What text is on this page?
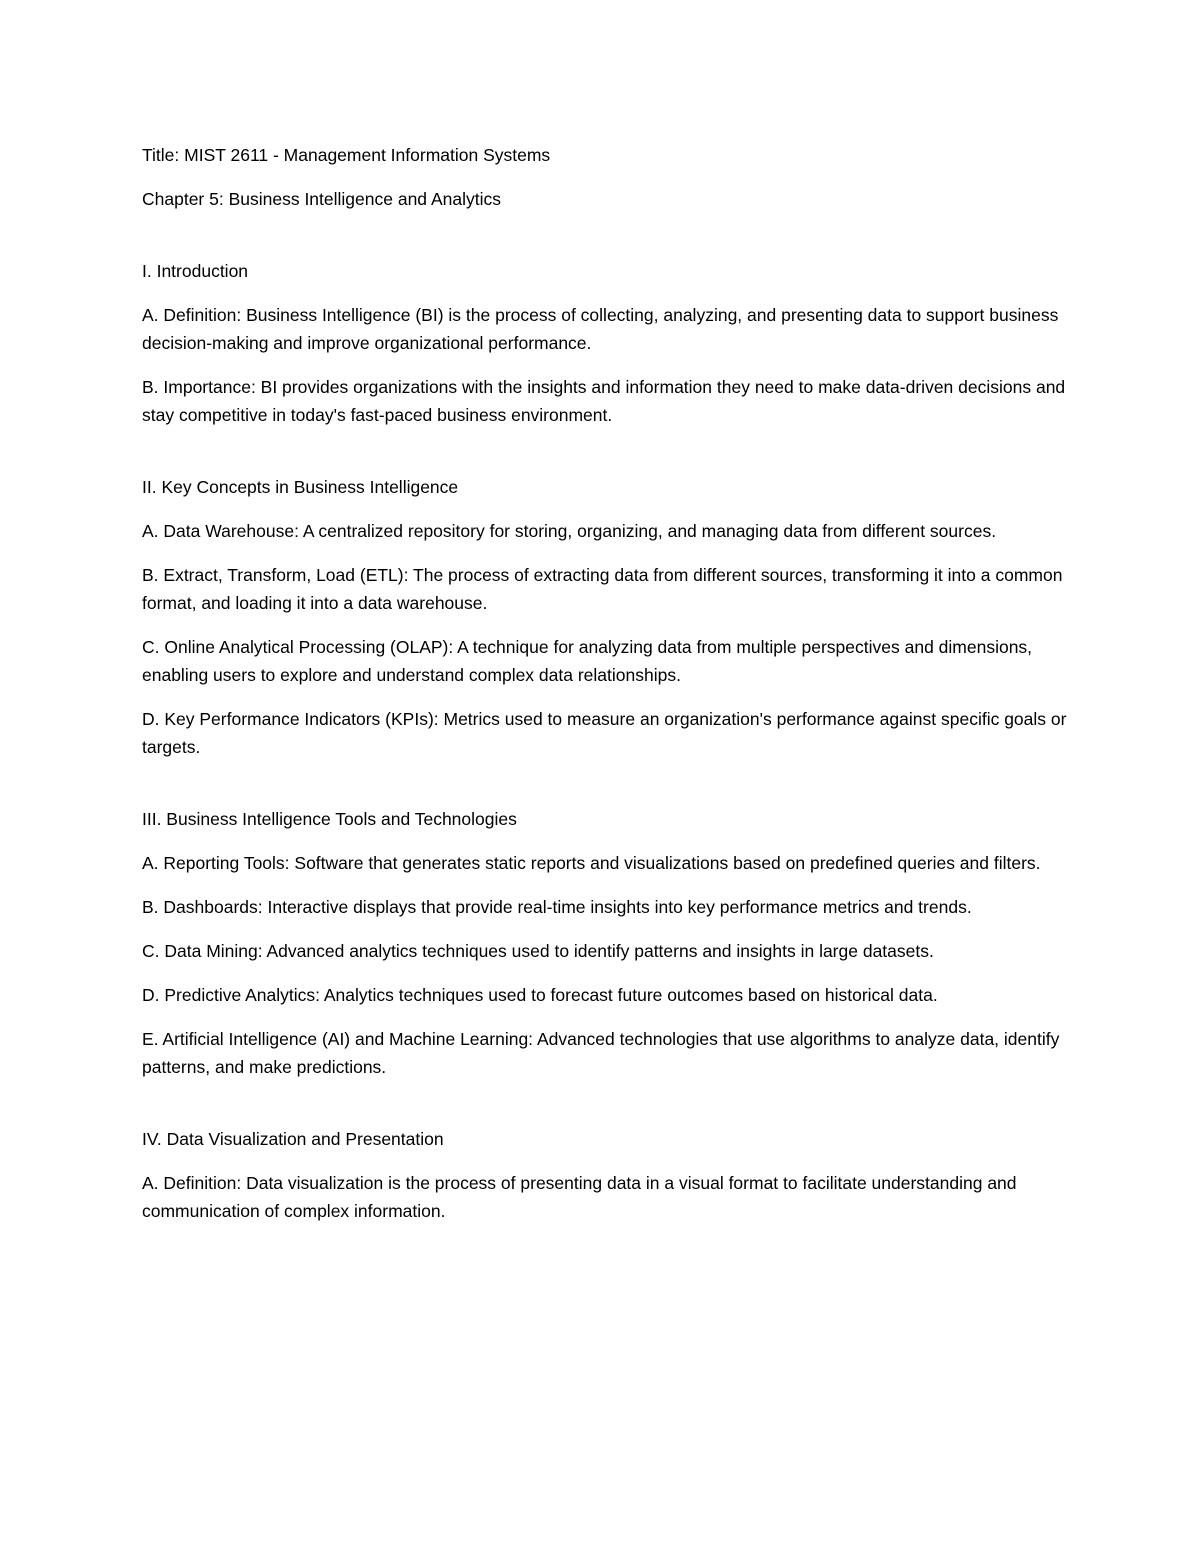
Title: MIST 2611 - Management Information Systems
Chapter 5: Business Intelligence and Analytics
I. Introduction
A. Definition: Business Intelligence (BI) is the process of collecting, analyzing, and presenting data to support business decision-making and improve organizational performance.
B. Importance: BI provides organizations with the insights and information they need to make data-driven decisions and stay competitive in today's fast-paced business environment.
II. Key Concepts in Business Intelligence
A. Data Warehouse: A centralized repository for storing, organizing, and managing data from different sources.
B. Extract, Transform, Load (ETL): The process of extracting data from different sources, transforming it into a common format, and loading it into a data warehouse.
C. Online Analytical Processing (OLAP): A technique for analyzing data from multiple perspectives and dimensions, enabling users to explore and understand complex data relationships.
D. Key Performance Indicators (KPIs): Metrics used to measure an organization's performance against specific goals or targets.
III. Business Intelligence Tools and Technologies
A. Reporting Tools: Software that generates static reports and visualizations based on predefined queries and filters.
B. Dashboards: Interactive displays that provide real-time insights into key performance metrics and trends.
C. Data Mining: Advanced analytics techniques used to identify patterns and insights in large datasets.
D. Predictive Analytics: Analytics techniques used to forecast future outcomes based on historical data.
E. Artificial Intelligence (AI) and Machine Learning: Advanced technologies that use algorithms to analyze data, identify patterns, and make predictions.
IV. Data Visualization and Presentation
A. Definition: Data visualization is the process of presenting data in a visual format to facilitate understanding and communication of complex information.
